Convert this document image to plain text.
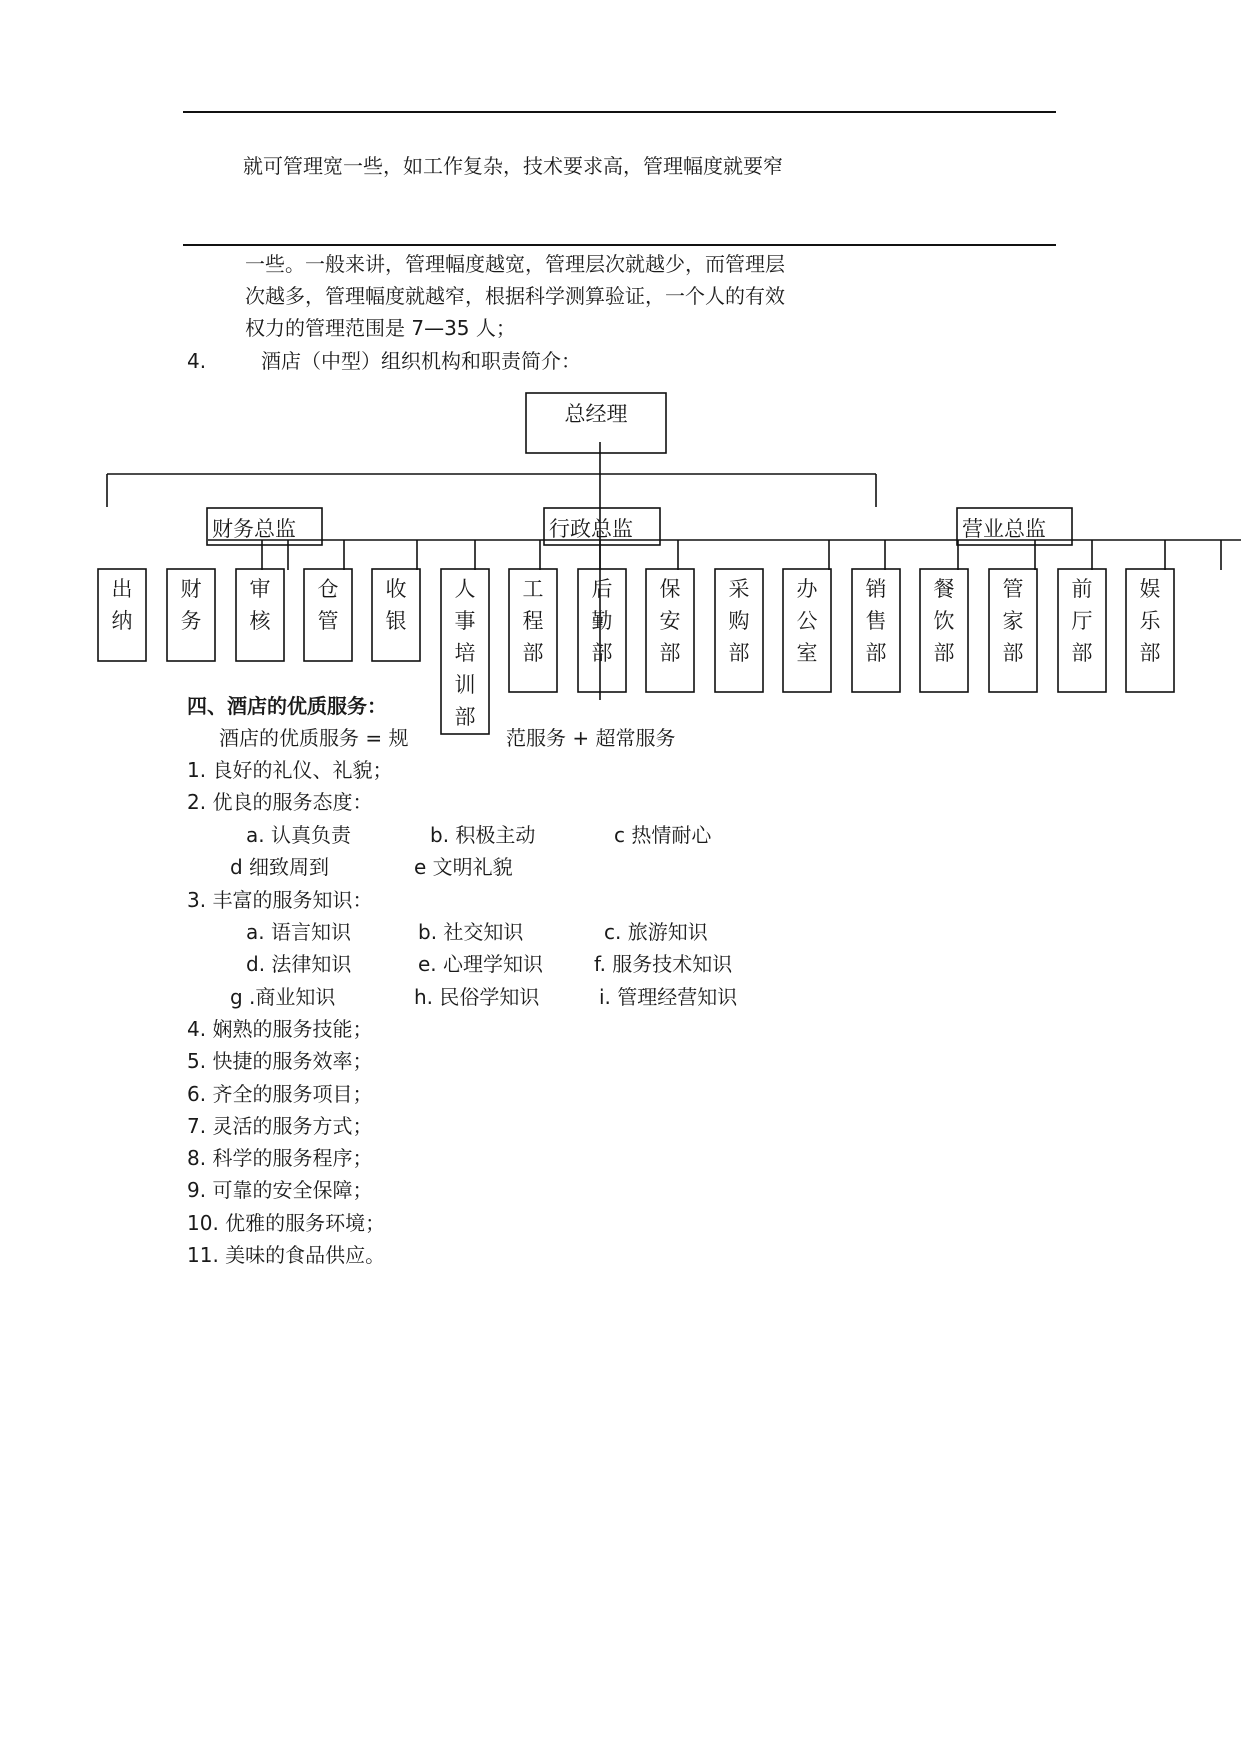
就可管理宽一些，如工作复杂，技术要求高，管理幅度就要窄
一些。一般来讲，管理幅度越宽，管理层次就越少，而管理层
次越多，管理幅度就越窄，根据科学测算验证，一个人的有效
权力的管理范围是 7—35 人；
4.	酒店（中型）组织机构和职责简介：
总经理
财务总监	行政总监	营业总监
出
纳
财
务
审
核
仓
管
收
银
人
事
培
训
部
工
程
部
后
勤
部
保
安
部
采
购
部
办
公
室
销
售
部
餐
饮
部
管
家
部
前
厅
部
娱
乐
部
四、酒店的优质服务：
酒店的优质服务 = 规	范服务 + 超常服务
1. 良好的礼仪、礼貌；
2. 优良的服务态度：
a. 认真负责	b. 积极主动	c 热情耐心
d 细致周到	e 文明礼貌
3. 丰富的服务知识：
a. 语言知识	b. 社交知识	c. 旅游知识
d. 法律知识	e. 心理学知识	f. 服务技术知识
g .商业知识	h. 民俗学知识	i. 管理经营知识
4. 娴熟的服务技能；
5. 快捷的服务效率；
6. 齐全的服务项目；
7. 灵活的服务方式；
8. 科学的服务程序；
9. 可靠的安全保障；
10. 优雅的服务环境；
11. 美味的食品供应。
